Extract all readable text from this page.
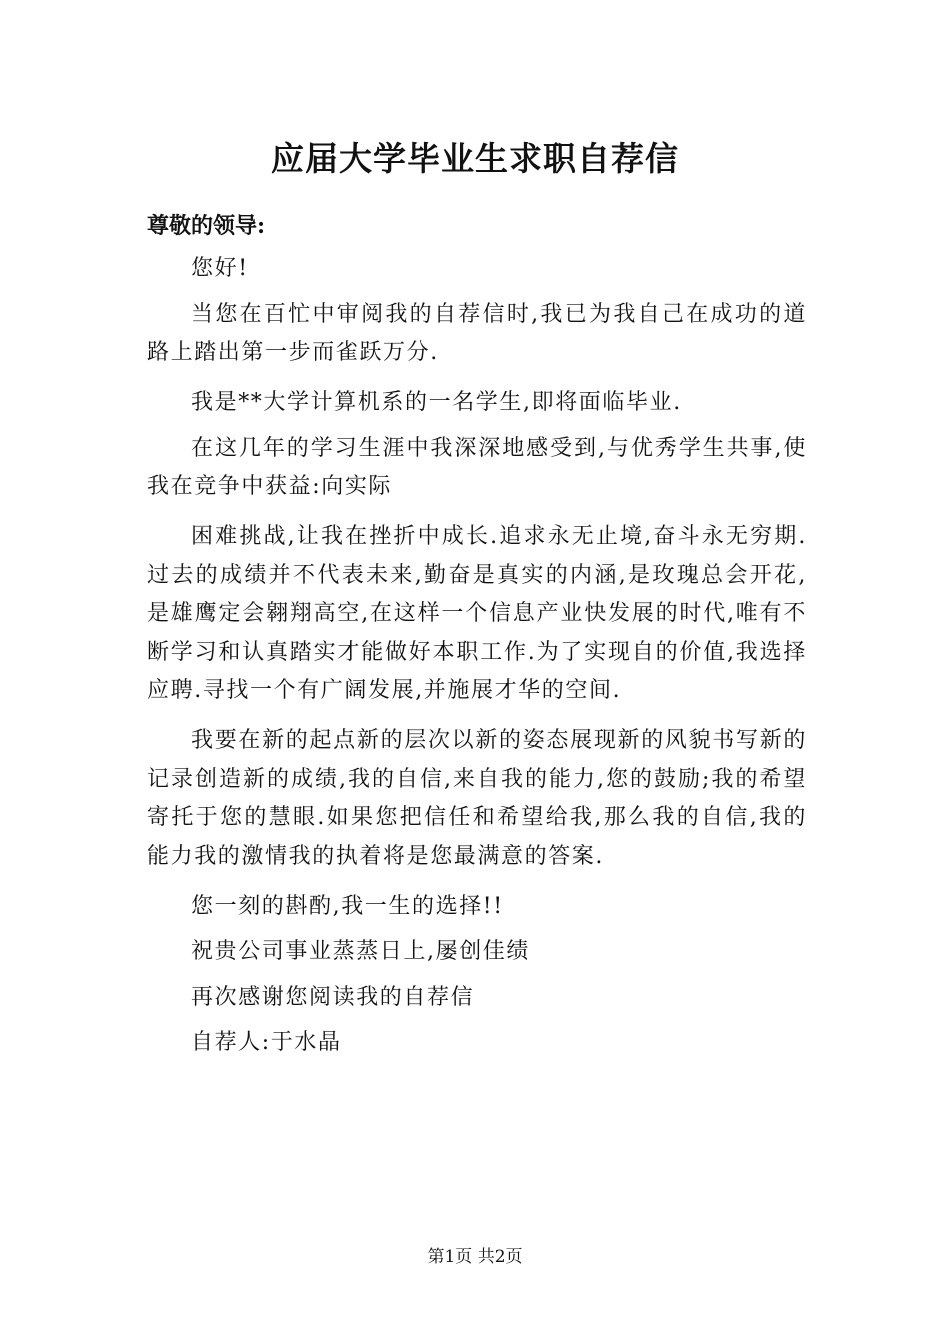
应届大学毕业生求职自荐信

尊敬的领导:

您好!

当您在百忙中审阅我的自荐信时,我已为我自己在成功的道路上踏出第一步而雀跃万分.

我是**大学计算机系的一名学生,即将面临毕业.

在这几年的学习生涯中我深深地感受到,与优秀学生共事,使我在竞争中获益:向实际

困难挑战,让我在挫折中成长.追求永无止境,奋斗永无穷期.过去的成绩并不代表未来,勤奋是真实的内涵,是玫瑰总会开花,是雄鹰定会翱翔高空,在这样一个信息产业快发展的时代,唯有不断学习和认真踏实才能做好本职工作.为了实现自的价值,我选择应聘.寻找一个有广阔发展,并施展才华的空间.

我要在新的起点新的层次以新的姿态展现新的风貌书写新的记录创造新的成绩,我的自信,来自我的能力,您的鼓励;我的希望寄托于您的慧眼.如果您把信任和希望给我,那么我的自信,我的能力我的激情我的执着将是您最满意的答案.

您一刻的斟酌,我一生的选择!!

祝贵公司事业蒸蒸日上,屡创佳绩

再次感谢您阅读我的自荐信

自荐人:于水晶

第1页 共2页
